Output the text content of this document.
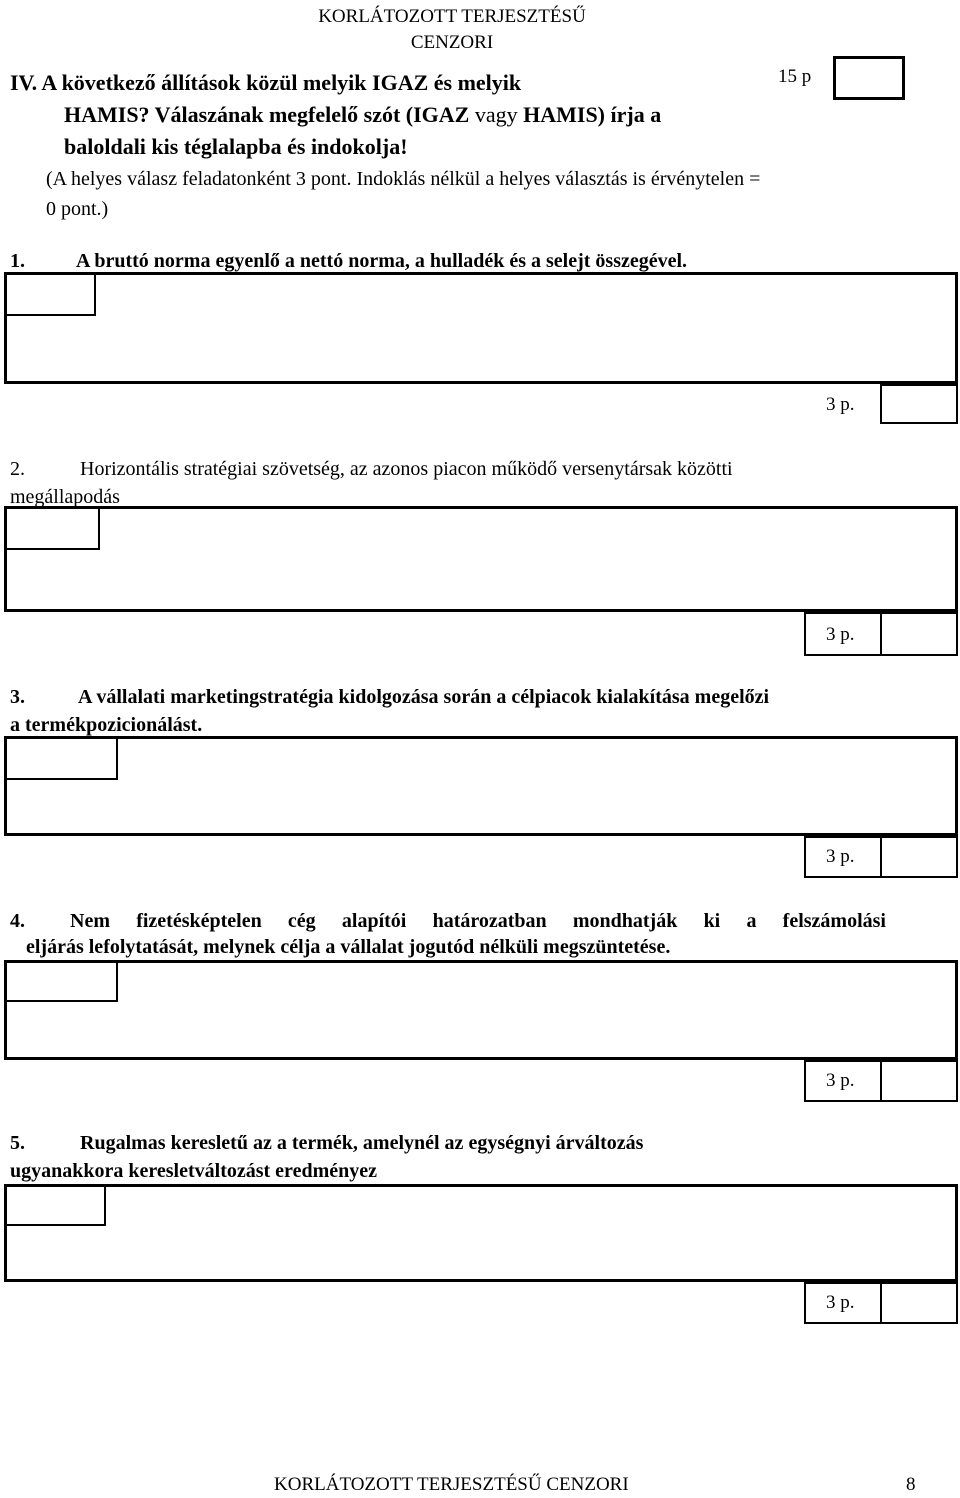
KORLÁTOZOTT TERJESZTÉSŰ
CENZORI
IV. A következő állítások közül melyik IGAZ és melyik
HAMIS? Válaszának megfelelő szót (IGAZ vagy HAMIS) írja a
baloldali kis téglalapba és indokolja!
(A helyes válasz feladatonként 3 pont. Indoklás nélkül a helyes választás is érvénytelen =
0 pont.)
15 p
1.	A bruttó norma egyenlő a nettó norma, a hulladék és a selejt összegével.
3 p.
2.	Horizontális stratégiai szövetség, az azonos piacon működő versenytársak közötti
megállapodás
3 p.
3.	A vállalati marketingstratégia kidolgozása során a célpiacok kialakítása megelőzi
a termékpozicionálást.
3 p.
4. Nem fizetésképtelen cég alapítói határozatban mondhatják ki a felszámolási
eljárás lefolytatását, melynek célja a vállalat jogutód nélküli megszüntetése.
3 p.
5.	Rugalmas keresletű az a termék, amelynél az egységnyi árváltozás
ugyanakkora keresletváltozást eredményez
3 p.
KORLÁTOZOTT TERJESZTÉSŰ CENZORI	8
